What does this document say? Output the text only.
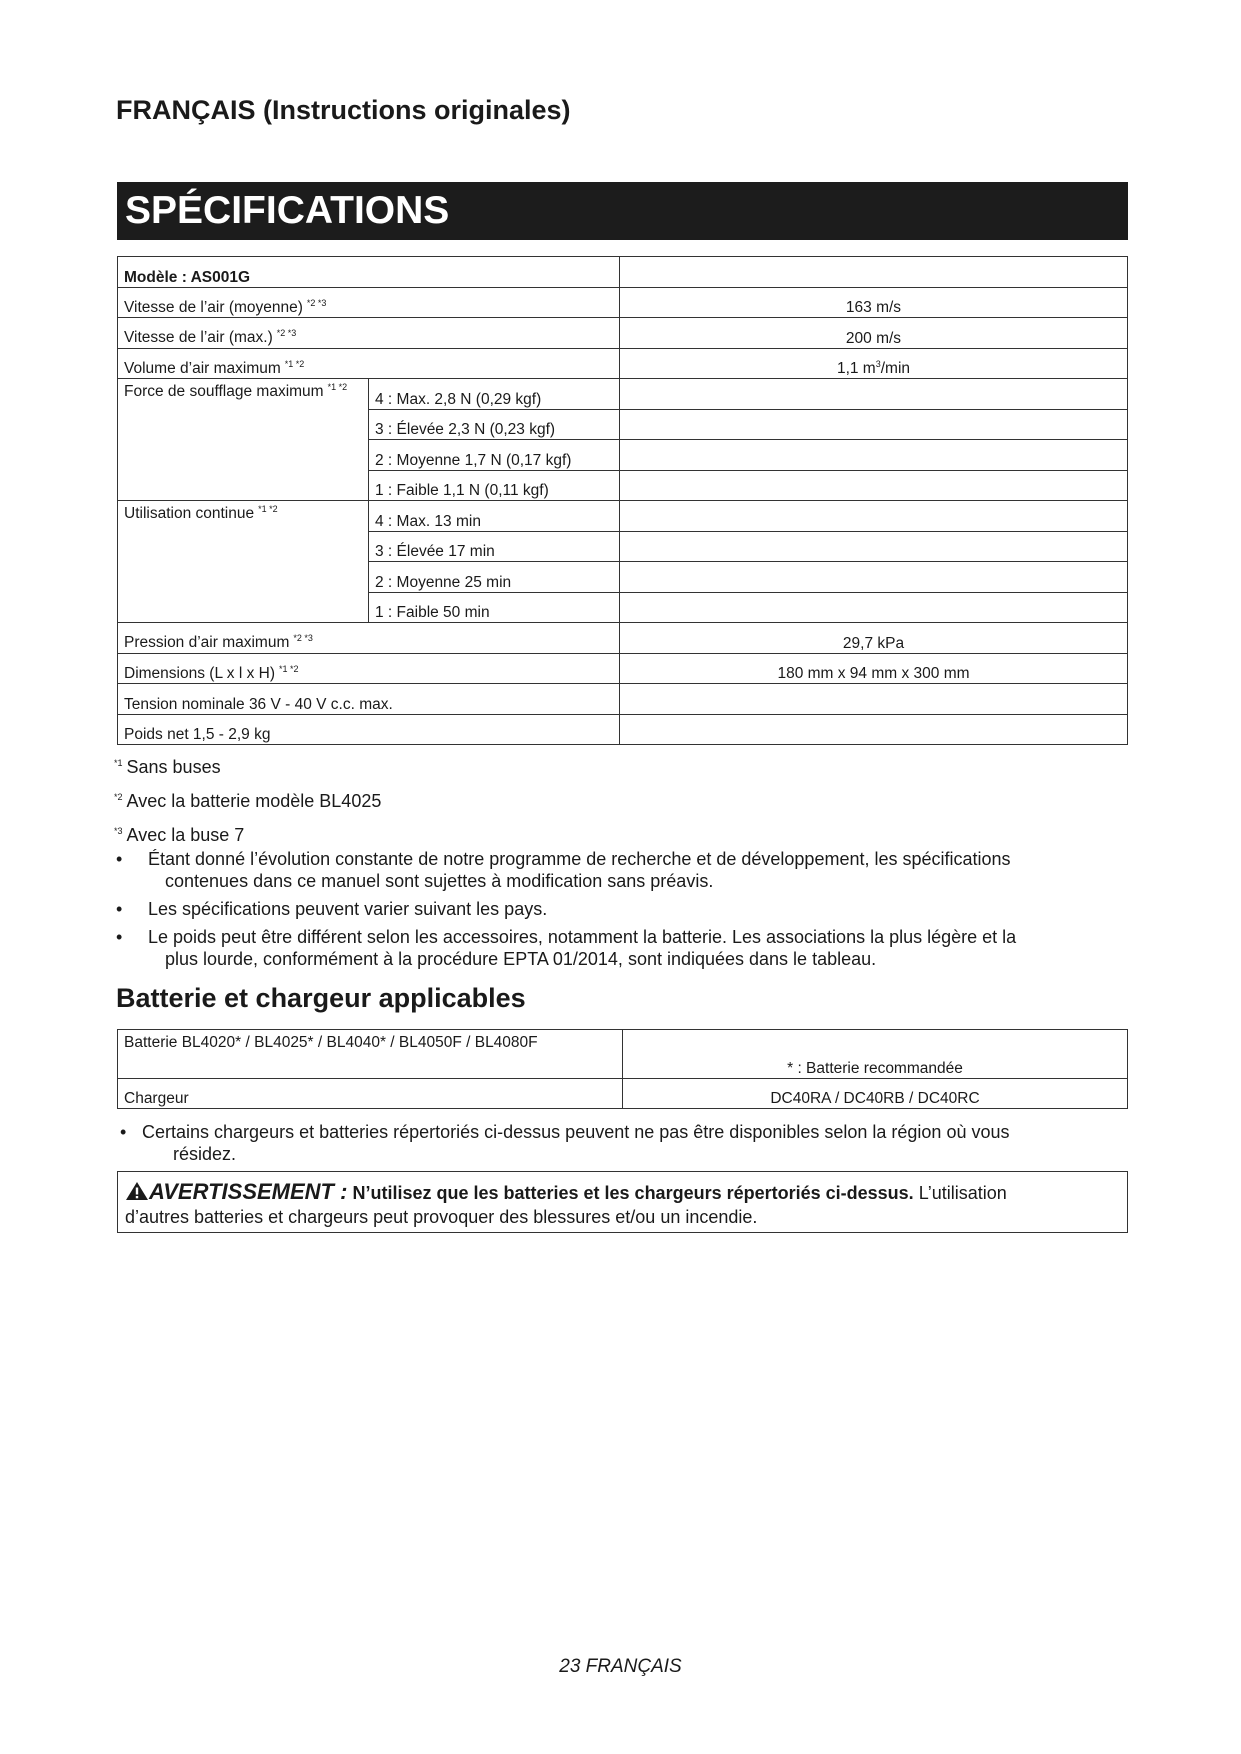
FRANÇAIS (Instructions originales)
SPÉCIFICATIONS
Modèle : AS001G		
Vitesse de l’air (moyenne) $^{*2 *3}$		163 m/s
Vitesse de l’air (max.) $^{*2 *3}$		200 m/s
Volume d’air maximum $^{*1 *2}$		1,1 $m^3/\min$
Force de soufflage maximum $^{*1 *2}$	4 : Max. 2,8 N (0,29 kgf)	
	3 : Élevée 2,3 N (0,23 kgf)	
	2 : Moyenne 1,7 N (0,17 kgf)	
	1 : Faible 1,1 N (0,11 kgf)	
Utilisation continue $^{*1 *2}$	4 : Max. 13 min	
	3 : Élevée 17 min	
	2 : Moyenne 25 min	
	1 : Faible 50 min	
Pression d’air maximum $^{*2 *3}$		29,7 kPa
Dimensions (L x l x H) $^{*1 *2}$		180 mm x 94 mm x 300 mm
Tension nominale 36 V - 40 V c.c. max.		
Poids net 1,5 - 2,9 kg		

$^{*1}$ Sans buses

$^{*2}$ Avec la batterie modèle BL4025

$^{*3}$ Avec la buse 7

•	Étant donné l’évolution constante de notre programme de recherche et de développement, les spécifications
contenues dans ce manuel sont sujettes à modification sans préavis.
•	Les spécifications peuvent varier suivant les pays.
•	Le poids peut être différent selon les accessoires, notamment la batterie. Les associations la plus légère et la
plus lourde, conformément à la procédure EPTA 01/2014, sont indiquées dans le tableau.
Batterie et chargeur applicables
Batterie BL4020* / BL4025* / BL4040* / BL4050F / BL4080F	* : Batterie recommandée
Chargeur	DC40RA / DC40RB / DC40RC
• Certains chargeurs et batteries répertoriés ci-dessus peuvent ne pas être disponibles selon la région où vous
résidez.
AVERTISSEMENT : N’utilisez que les batteries et les chargeurs répertoriés ci-dessus. L’utilisation
d’autres batteries et chargeurs peut provoquer des blessures et/ou un incendie.
23 FRANÇAIS
